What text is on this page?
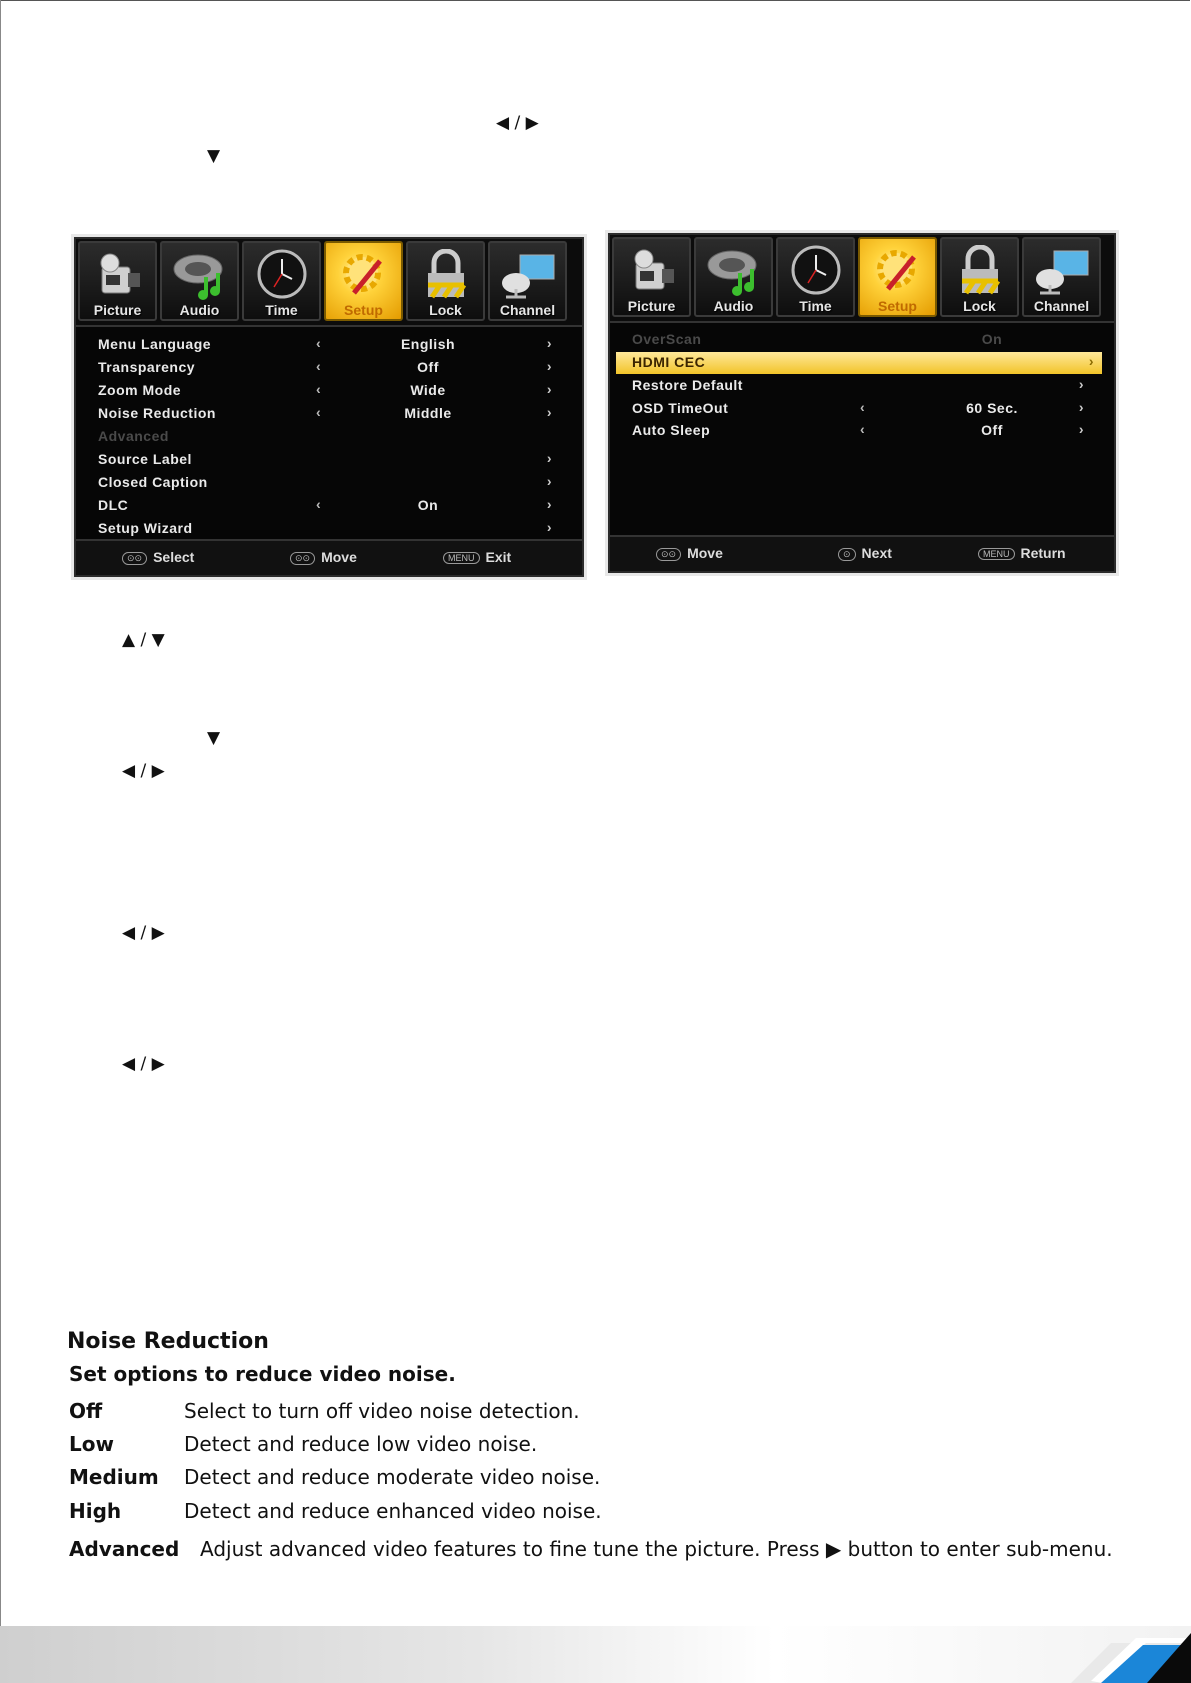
◀ / ▶
▼
▲ / ▼
▼
◀ / ▶
◀ / ▶
◀ / ▶
Picture	Audio	Time	Setup	Lock	Channel
Menu Language	‹	English	›
Transparency	‹	Off	›
Zoom Mode	‹	Wide	›
Noise Reduction	‹	Middle	›
Advanced
Source Label	›
Closed Caption	›
DLC	‹	On	›
Setup Wizard	›
⊙⊙ Select	⊙⊙ Move	MENU Exit
Picture	Audio	Time	Setup	Lock	Channel
OverScan	On
HDMI CEC	›
Restore Default	›
OSD TimeOut	‹	60 Sec.	›
Auto Sleep	‹	Off	›
⊙⊙ Move	⊙ Next	MENU Return
Noise Reduction
Set options to reduce video noise.
Off	Select to turn off video noise detection.
Low	Detect and reduce low video noise.
Medium Detect and reduce moderate video noise.
High	Detect and reduce enhanced video noise.
Advanced Adjust advanced video features to fine tune the picture. Press ▶ button to enter sub-menu.
